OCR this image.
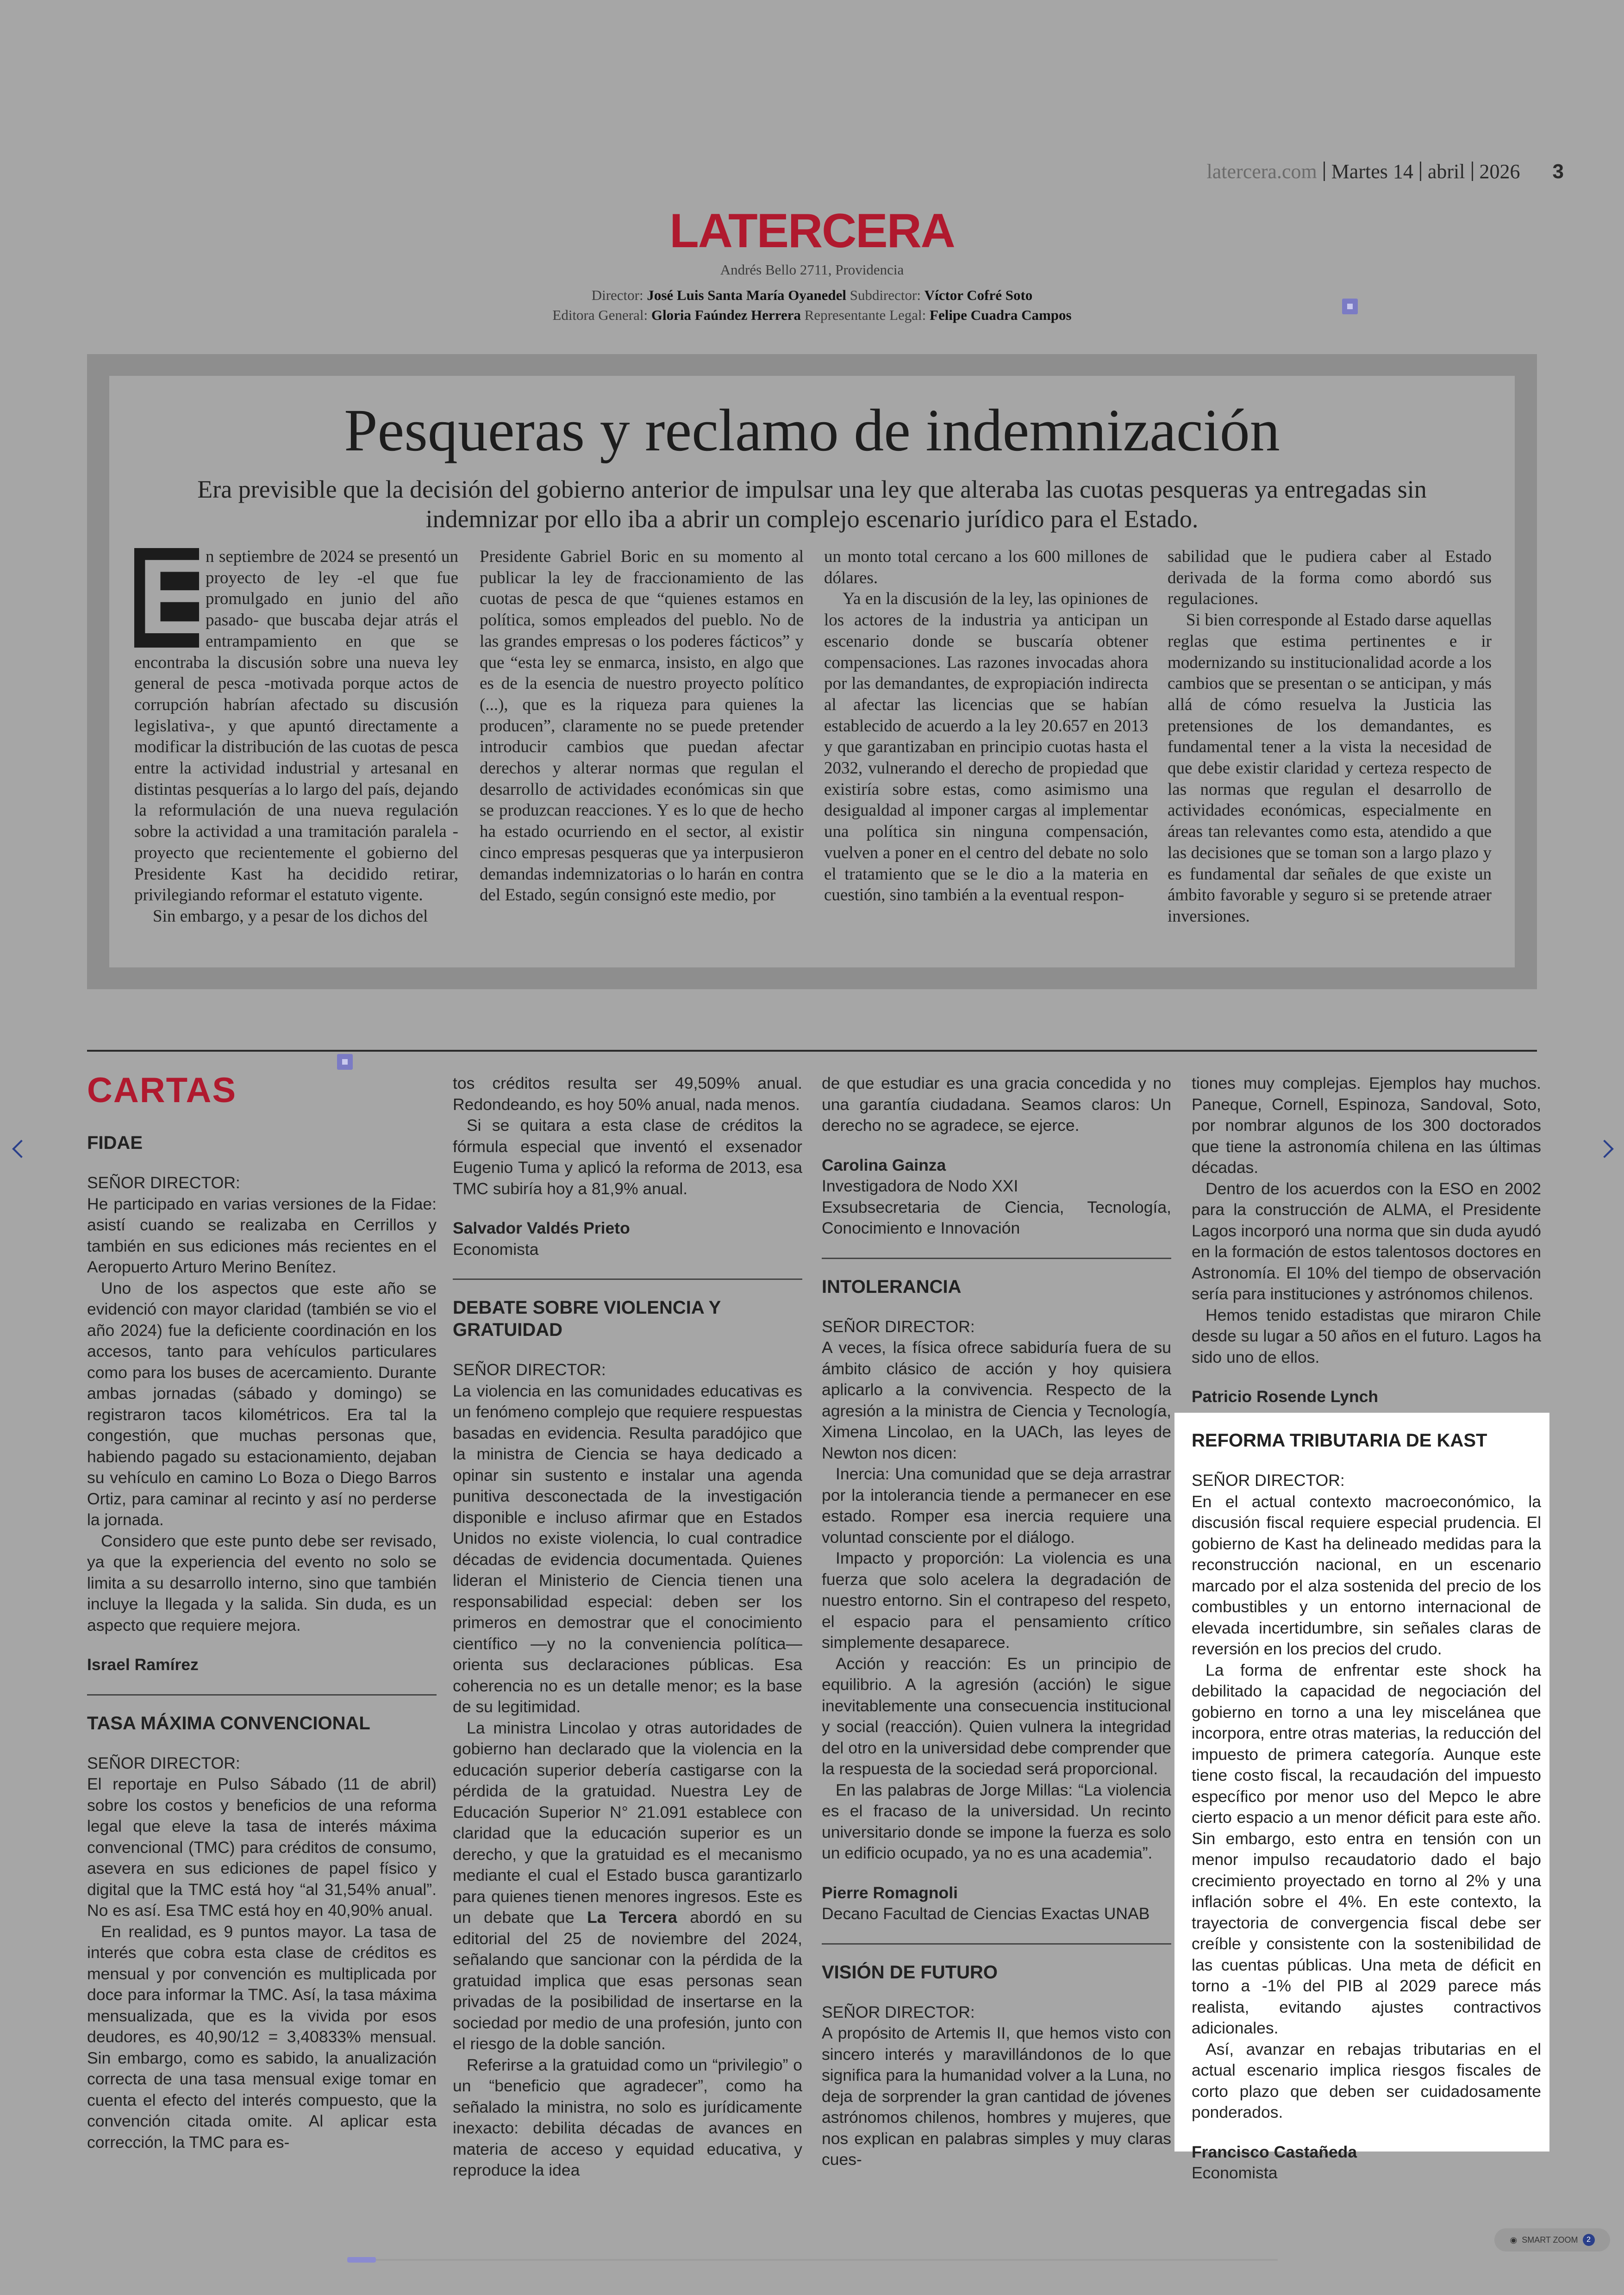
latercera.com Martes 14 abril 2026 3
LATERCERA
Andrés Bello 2711, Providencia
Director: José Luis Santa María Oyanedel Subdirector: Víctor Cofré Soto
Editora General: Gloria Faúndez Herrera Representante Legal: Felipe Cuadra Campos
Pesqueras y reclamo de indemnización
Era previsible que la decisión del gobierno anterior de impulsar una ley que alteraba las cuotas pesqueras ya entregadas sin indemnizar por ello iba a abrir un complejo escenario jurídico para el Estado.
E

n septiembre de 2024 se presentó un proyecto de ley -el que fue promulgado en junio del año pasado- que buscaba dejar atrás el entrampamiento en que se encontraba la discusión sobre una nueva ley general de pesca -motivada porque actos de corrupción habrían afectado su discusión legislativa-, y que apuntó directamente a modificar la distribución de las cuotas de pesca entre la actividad industrial y artesanal en distintas pesquerías a lo largo del país, dejando la reformulación de una nueva regulación sobre la actividad a una tramitación paralela -proyecto que recientemente el gobierno del Presidente Kast ha decidido retirar, privilegiando reformar el estatuto vigente.

Sin embargo, y a pesar de los dichos del

Presidente Gabriel Boric en su momento al publicar la ley de fraccionamiento de las cuotas de pesca de que “quienes estamos en política, somos empleados del pueblo. No de las grandes empresas o los poderes fácticos” y que “esta ley se enmarca, insisto, en algo que es de la esencia de nuestro proyecto político (...), que es la riqueza para quienes la producen”, claramente no se puede pretender introducir cambios que puedan afectar derechos y alterar normas que regulan el desarrollo de actividades económicas sin que se produzcan reacciones. Y es lo que de hecho ha estado ocurriendo en el sector, al existir cinco empresas pesqueras que ya interpusieron demandas indemnizatorias o lo harán en contra del Estado, según consignó este medio, por

un monto total cercano a los 600 millones de dólares.

Ya en la discusión de la ley, las opiniones de los actores de la industria ya anticipan un escenario donde se buscaría obtener compensaciones. Las razones invocadas ahora por las demandantes, de expropiación indirecta al afectar las licencias que se habían establecido de acuerdo a la ley 20.657 en 2013 y que garantizaban en principio cuotas hasta el 2032, vulnerando el derecho de propiedad que existiría sobre estas, como asimismo una desigualdad al imponer cargas al implementar una política sin ninguna compensación, vuelven a poner en el centro del debate no solo el tratamiento que se le dio a la materia en cuestión, sino también a la eventual respon-

sabilidad que le pudiera caber al Estado derivada de la forma como abordó sus regulaciones.

Si bien corresponde al Estado darse aquellas reglas que estima pertinentes e ir modernizando su institucionalidad acorde a los cambios que se presentan o se anticipan, y más allá de cómo resuelva la Justicia las pretensiones de los demandantes, es fundamental tener a la vista la necesidad de que debe existir claridad y certeza respecto de las normas que regulan el desarrollo de actividades económicas, especialmente en áreas tan relevantes como esta, atendido a que las decisiones que se toman son a largo plazo y es fundamental dar señales de que existe un ámbito favorable y seguro si se pretende atraer inversiones.

CARTAS

FIDAE

SEÑOR DIRECTOR:

He participado en varias versiones de la Fidae: asistí cuando se realizaba en Cerrillos y también en sus ediciones más recientes en el Aeropuerto Arturo Merino Benítez.

Uno de los aspectos que este año se evidenció con mayor claridad (también se vio el año 2024) fue la deficiente coordinación en los accesos, tanto para vehículos particulares como para los buses de acercamiento. Durante ambas jornadas (sábado y domingo) se registraron tacos kilométricos. Era tal la congestión, que muchas personas que, habiendo pagado su estacionamiento, dejaban su vehículo en camino Lo Boza o Diego Barros Ortiz, para caminar al recinto y así no perderse la jornada.

Considero que este punto debe ser revisado, ya que la experiencia del evento no solo se limita a su desarrollo interno, sino que también incluye la llegada y la salida. Sin duda, es un aspecto que requiere mejora.

Israel Ramírez

TASA MÁXIMA CONVENCIONAL

SEÑOR DIRECTOR:

El reportaje en Pulso Sábado (11 de abril) sobre los costos y beneficios de una reforma legal que eleve la tasa de interés máxima convencional (TMC) para créditos de consumo, asevera en sus ediciones de papel físico y digital que la TMC está hoy “al 31,54% anual”. No es así. Esa TMC está hoy en 40,90% anual.

En realidad, es 9 puntos mayor. La tasa de interés que cobra esta clase de créditos es mensual y por convención es multiplicada por doce para informar la TMC. Así, la tasa máxima mensualizada, que es la vivida por esos deudores, es 40,90/12 = 3,40833% mensual. Sin embargo, como es sabido, la anualización correcta de una tasa mensual exige tomar en cuenta el efecto del interés compuesto, que la convención citada omite. Al aplicar esta corrección, la TMC para es-

tos créditos resulta ser 49,509% anual. Redondeando, es hoy 50% anual, nada menos.

Si se quitara a esta clase de créditos la fórmula especial que inventó el exsenador Eugenio Tuma y aplicó la reforma de 2013, esa TMC subiría hoy a 81,9% anual.

Salvador Valdés Prieto

Economista

DEBATE SOBRE VIOLENCIA Y GRATUIDAD

SEÑOR DIRECTOR:

La violencia en las comunidades educativas es un fenómeno complejo que requiere respuestas basadas en evidencia. Resulta paradójico que la ministra de Ciencia se haya dedicado a opinar sin sustento e instalar una agenda punitiva desconectada de la investigación disponible e incluso afirmar que en Estados Unidos no existe violencia, lo cual contradice décadas de evidencia documentada. Quienes lideran el Ministerio de Ciencia tienen una responsabilidad especial: deben ser los primeros en demostrar que el conocimiento científico —y no la conveniencia política— orienta sus declaraciones públicas. Esa coherencia no es un detalle menor; es la base de su legitimidad.

La ministra Lincolao y otras autoridades de gobierno han declarado que la violencia en la educación superior debería castigarse con la pérdida de la gratuidad. Nuestra Ley de Educación Superior N° 21.091 establece con claridad que la educación superior es un derecho, y que la gratuidad es el mecanismo mediante el cual el Estado busca garantizarlo para quienes tienen menores ingresos. Este es un debate que La Tercera abordó en su editorial del 25 de noviembre del 2024, señalando que sancionar con la pérdida de la gratuidad implica que esas personas sean privadas de la posibilidad de insertarse en la sociedad por medio de una profesión, junto con el riesgo de la doble sanción.

Referirse a la gratuidad como un “privilegio” o un “beneficio que agradecer”, como ha señalado la ministra, no solo es jurídicamente inexacto: debilita décadas de avances en materia de acceso y equidad educativa, y reproduce la idea

de que estudiar es una gracia concedida y no una garantía ciudadana. Seamos claros: Un derecho no se agradece, se ejerce.

Carolina Gainza

Investigadora de Nodo XXI

Exsubsecretaria de Ciencia, Tecnología, Conocimiento e Innovación

INTOLERANCIA

SEÑOR DIRECTOR:

A veces, la física ofrece sabiduría fuera de su ámbito clásico de acción y hoy quisiera aplicarlo a la convivencia. Respecto de la agresión a la ministra de Ciencia y Tecnología, Ximena Lincolao, en la UACh, las leyes de Newton nos dicen:

Inercia: Una comunidad que se deja arrastrar por la intolerancia tiende a permanecer en ese estado. Romper esa inercia requiere una voluntad consciente por el diálogo.

Impacto y proporción: La violencia es una fuerza que solo acelera la degradación de nuestro entorno. Sin el contrapeso del respeto, el espacio para el pensamiento crítico simplemente desaparece.

Acción y reacción: Es un principio de equilibrio. A la agresión (acción) le sigue inevitablemente una consecuencia institucional y social (reacción). Quien vulnera la integridad del otro en la universidad debe comprender que la respuesta de la sociedad será proporcional.

En las palabras de Jorge Millas: “La violencia es el fracaso de la universidad. Un recinto universitario donde se impone la fuerza es solo un edificio ocupado, ya no es una academia”.

Pierre Romagnoli

Decano Facultad de Ciencias Exactas UNAB

VISIÓN DE FUTURO

SEÑOR DIRECTOR:

A propósito de Artemis II, que hemos visto con sincero interés y maravillándonos de lo que significa para la humanidad volver a la Luna, no deja de sorprender la gran cantidad de jóvenes astrónomos chilenos, hombres y mujeres, que nos explican en palabras simples y muy claras cues-

tiones muy complejas. Ejemplos hay muchos. Paneque, Cornell, Espinoza, Sandoval, Soto, por nombrar algunos de los 300 doctorados que tiene la astronomía chilena en las últimas décadas.

Dentro de los acuerdos con la ESO en 2002 para la construcción de ALMA, el Presidente Lagos incorporó una norma que sin duda ayudó en la formación de estos talentosos doctores en Astronomía. El 10% del tiempo de observación sería para instituciones y astrónomos chilenos.

Hemos tenido estadistas que miraron Chile desde su lugar a 50 años en el futuro. Lagos ha sido uno de ellos.

Patricio Rosende Lynch

REFORMA TRIBUTARIA DE KAST

SEÑOR DIRECTOR:

En el actual contexto macroeconómico, la discusión fiscal requiere especial prudencia. El gobierno de Kast ha delineado medidas para la reconstrucción nacional, en un escenario marcado por el alza sostenida del precio de los combustibles y un entorno internacional de elevada incertidumbre, sin señales claras de reversión en los precios del crudo.

La forma de enfrentar este shock ha debilitado la capacidad de negociación del gobierno en torno a una ley miscelánea que incorpora, entre otras materias, la reducción del impuesto de primera categoría. Aunque este tiene costo fiscal, la recaudación del impuesto específico por menor uso del Mepco le abre cierto espacio a un menor déficit para este año. Sin embargo, esto entra en tensión con un menor impulso recaudatorio dado el bajo crecimiento proyectado en torno al 2% y una inflación sobre el 4%. En este contexto, la trayectoria de convergencia fiscal debe ser creíble y consistente con la sostenibilidad de las cuentas públicas. Una meta de déficit en torno a -1% del PIB al 2029 parece más realista, evitando ajustes contractivos adicionales.

Así, avanzar en rebajas tributarias en el actual escenario implica riesgos fiscales de corto plazo que deben ser cuidadosamente ponderados.

Francisco Castañeda

Economista

◉ SMART ZOOM	2
